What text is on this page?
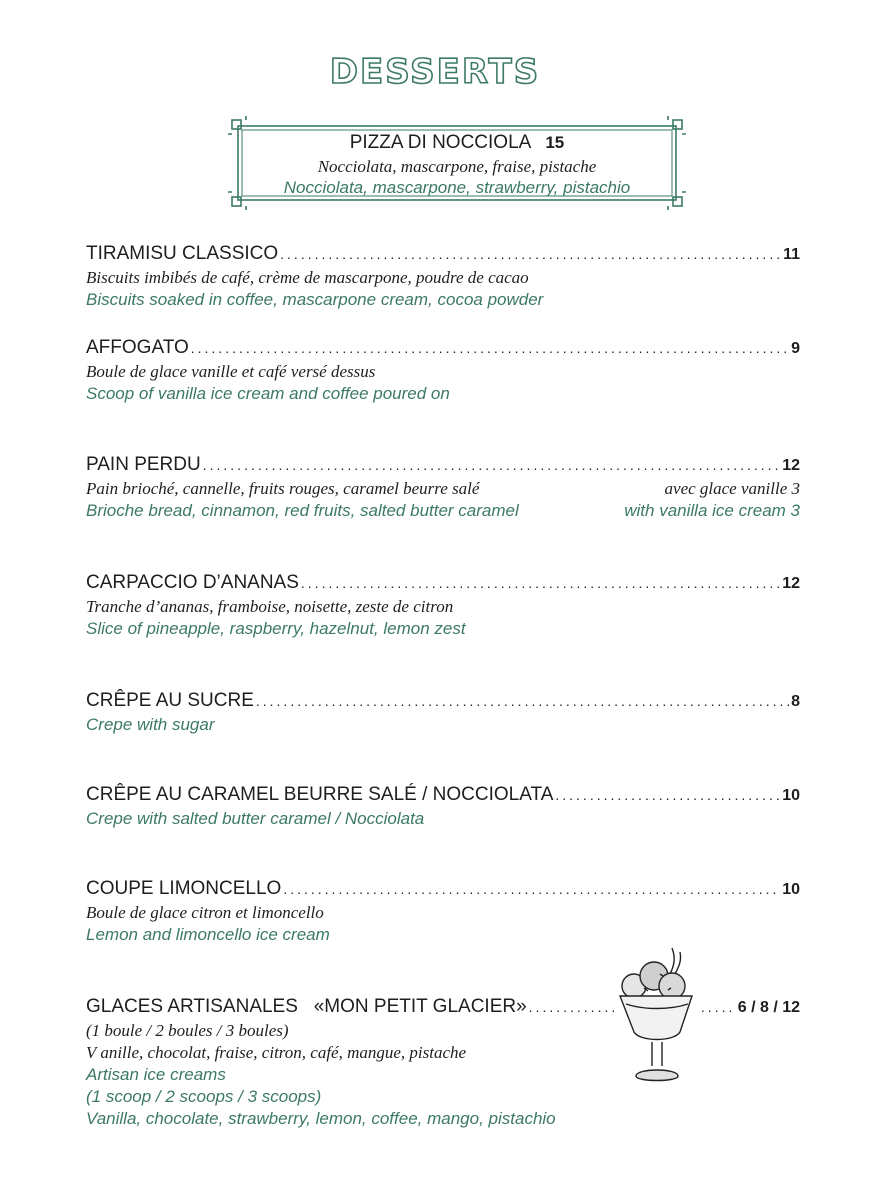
DESSERTS
PIZZA DI NOCCIOLA 15
Nocciolata, mascarpone, fraise, pistache
Nocciolata, mascarpone, strawberry, pistachio
TIRAMISU CLASSICO .....	11
Biscuits imbibés de café, crème de mascarpone, poudre de cacao
Biscuits soaked in coffee, mascarpone cream, cocoa powder
AFFOGATO .....	9
Boule de glace vanille et café versé dessus
Scoop of vanilla ice cream and coffee poured on
PAIN PERDU .....	12
Pain brioché, cannelle, fruits rouges, caramel beurre salé	avec glace vanille 3
Brioche bread, cinnamon, red fruits, salted butter caramel	with vanilla ice cream 3
CARPACCIO D’ANANAS .....	12
Tranche d’ananas, framboise, noisette, zeste de citron
Slice of pineapple, raspberry, hazelnut, lemon zest
CRÊPE AU SUCRE .....	8
Crepe with sugar
CRÊPE AU CARAMEL BEURRE SALÉ / NOCCIOLATA .....	10
Crepe with salted butter caramel / Nocciolata
COUPE LIMONCELLO .....	10
Boule de glace citron et limoncello
Lemon and limoncello ice cream
GLACES ARTISANALES   «MON PETIT GLACIER» .....	6 / 8 / 12
(1 boule / 2 boules / 3 boules)
V anille, chocolat, fraise, citron, café, mangue, pistache
Artisan ice creams
(1 scoop / 2 scoops / 3 scoops)
Vanilla, chocolate, strawberry, lemon, coffee, mango, pistachio
